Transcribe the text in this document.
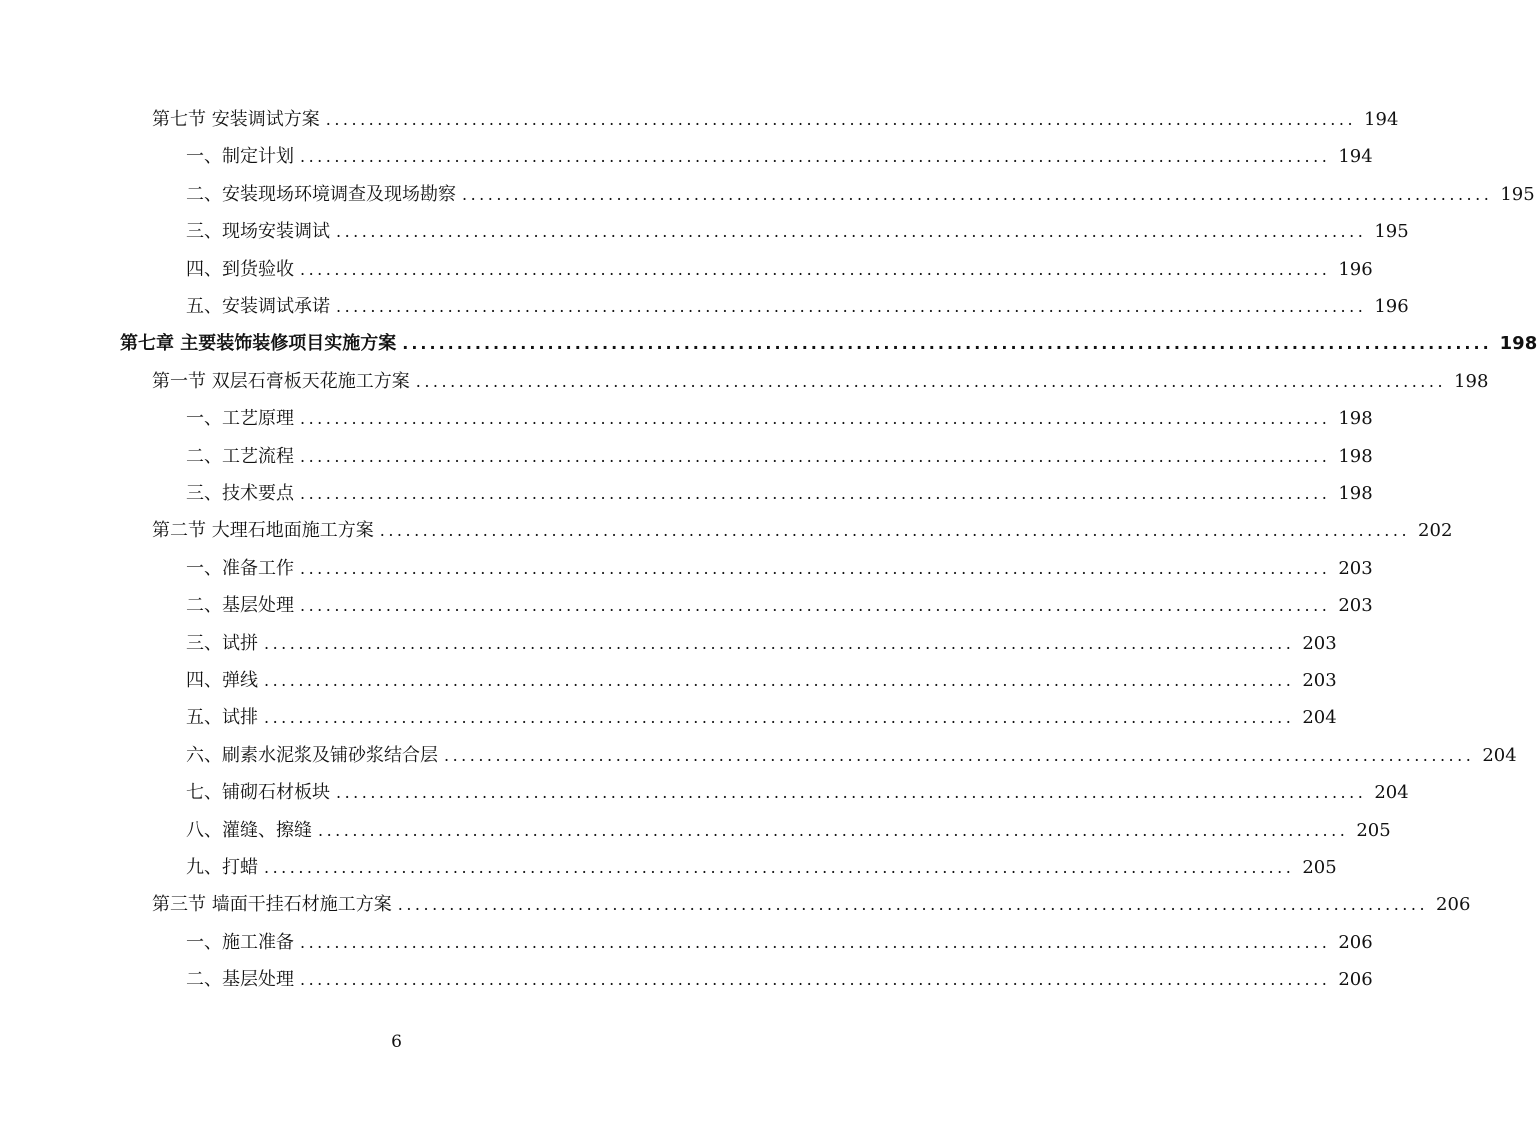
第七节 安装调试方案 ........................................................................................................................ 194
一、制定计划 ........................................................................................................................ 194
二、安装现场环境调查及现场勘察 ........................................................................................................................ 195
三、现场安装调试 ........................................................................................................................ 195
四、到货验收 ........................................................................................................................ 196
五、安装调试承诺 ........................................................................................................................ 196
第七章 主要装饰装修项目实施方案 ........................................................................................................................ 198
第一节 双层石膏板天花施工方案 ........................................................................................................................ 198
一、工艺原理 ........................................................................................................................ 198
二、工艺流程 ........................................................................................................................ 198
三、技术要点 ........................................................................................................................ 198
第二节 大理石地面施工方案 ........................................................................................................................ 202
一、准备工作 ........................................................................................................................ 203
二、基层处理 ........................................................................................................................ 203
三、试拼 ........................................................................................................................ 203
四、弹线 ........................................................................................................................ 203
五、试排 ........................................................................................................................ 204
六、刷素水泥浆及铺砂浆结合层 ........................................................................................................................ 204
七、铺砌石材板块 ........................................................................................................................ 204
八、灌缝、擦缝 ........................................................................................................................ 205
九、打蜡 ........................................................................................................................ 205
第三节 墙面干挂石材施工方案 ........................................................................................................................ 206
一、施工准备 ........................................................................................................................ 206
二、基层处理 ........................................................................................................................ 206
6
